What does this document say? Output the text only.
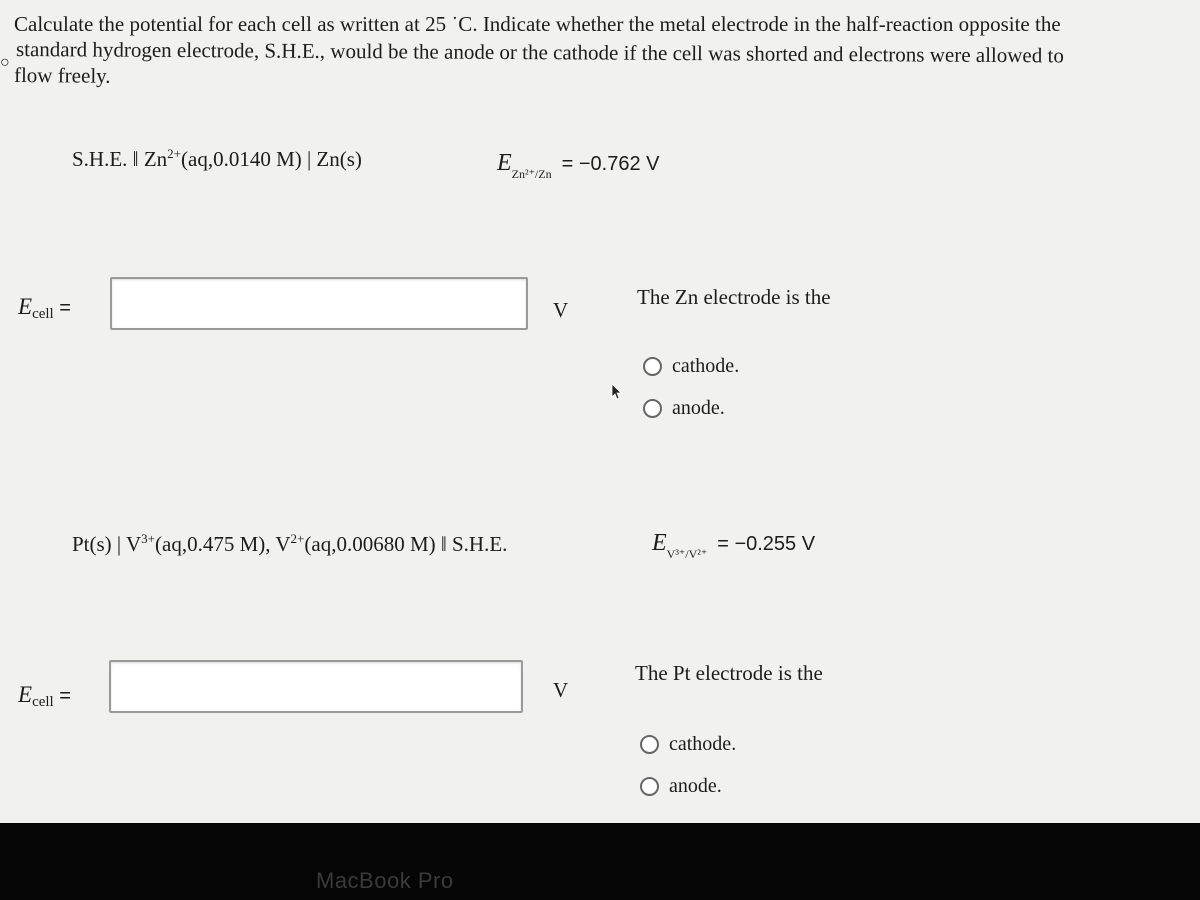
○
Calculate the potential for each cell as written at 25 ˙C. Indicate whether the metal electrode in the half-reaction opposite the
standard hydrogen electrode, S.H.E., would be the anode or the cathode if the cell was shorted and electrons were allowed to
flow freely.
S.H.E. ‖ $Zn^{2+}(aq,0.0140$ M) | Zn(s)	$E_{Zn^{2+}/Zn} = -0.762$ V
Ecell =	V
The Zn electrode is the
cathode.
anode.
Pt(s) | $V^{3+}(aq,0.475$ M), $V^{2+}(aq,0.00680$ M) ‖ S.H.E.	$E_{V^{3+}/V^{2+}} = -0.255$ V
Ecell =	V
The Pt electrode is the
cathode.
anode.
MacBook Pro
